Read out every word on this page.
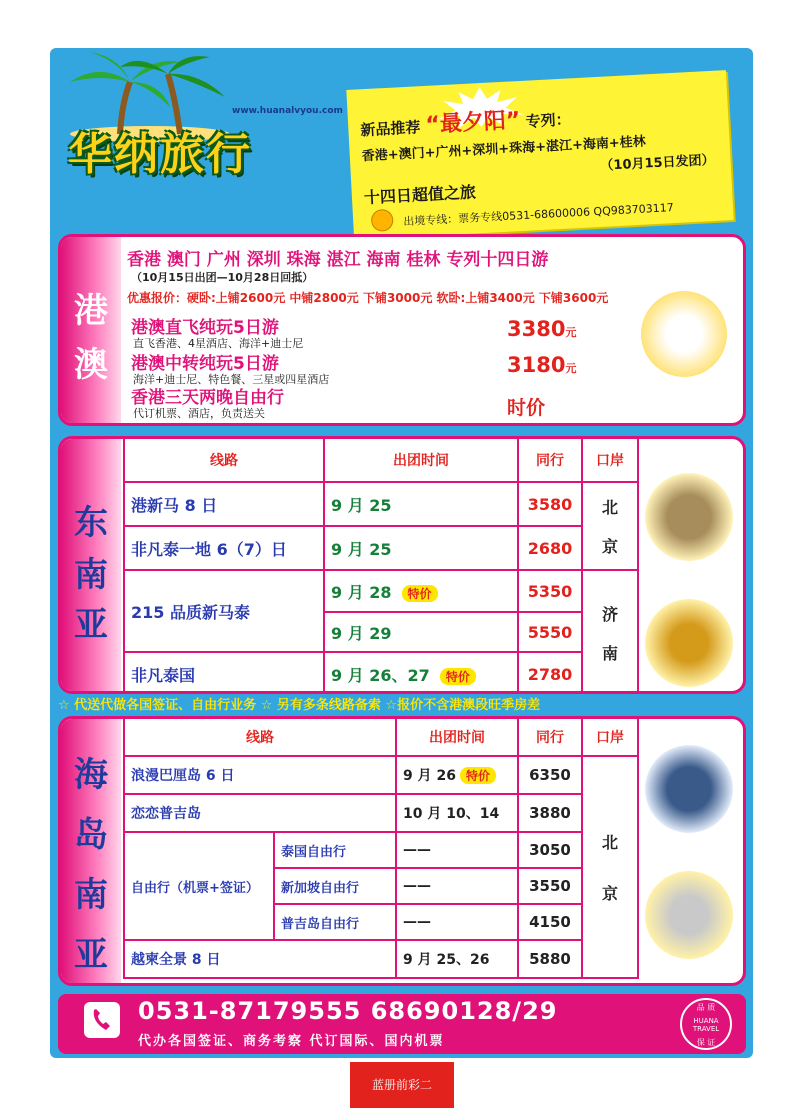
www.huanalvyou.com
华纳旅行
新品推荐 “最夕阳” 专列：
香港+澳门+广州+深圳+珠海+湛江+海南+桂林
（10月15日发团）
十四日超值之旅
出境专线：票务专线0531-68600006 QQ983703117
港
澳
香港 澳门 广州 深圳 珠海 湛江 海南 桂林 专列十四日游
（10月15日出团—10月28日回抵）
优惠报价：硬卧:上铺2600元 中铺2800元 下铺3000元 软卧:上铺3400元 下铺3600元
港澳直飞纯玩5日游
直飞香港、4星酒店、海洋+迪士尼
3380元
港澳中转纯玩5日游
海洋+迪士尼、特色餐、三星或四星酒店
3180元
香港三天两晚自由行
代订机票、酒店，负责送关	时价
东
南
亚
线路	出团时间	同行	口岸
港新马 8 日	9 月 25	3580	北
京

非凡泰一地 6（7）日	9 月 25	2680	
215 品质新马泰	9 月 28 特价	5350	济
南

	9 月 29	5550	
非凡泰国	9 月 26、27 特价	2780	
☆ 代送代做各国签证、自由行业务 ☆ 另有多条线路备索 ☆报价不含港澳段旺季房差
海
岛
南
亚
线路		出团时间	同行	口岸
浪漫巴厘岛 6 日		9 月 26 特价	6350	北
京

恋恋普吉岛		10 月 10、14	3880	
自由行（机票+签证）	泰国自由行	——	3050	
	新加坡自由行	——	3550	
	普吉岛自由行	——	4150	
越柬全景 8 日		9 月 25、26	5880	
0531-87179555 68690128/29
代办各国签证、商务考察 代订国际、国内机票
品 质
HUANA TRAVEL
保 证
蓝册前彩二
